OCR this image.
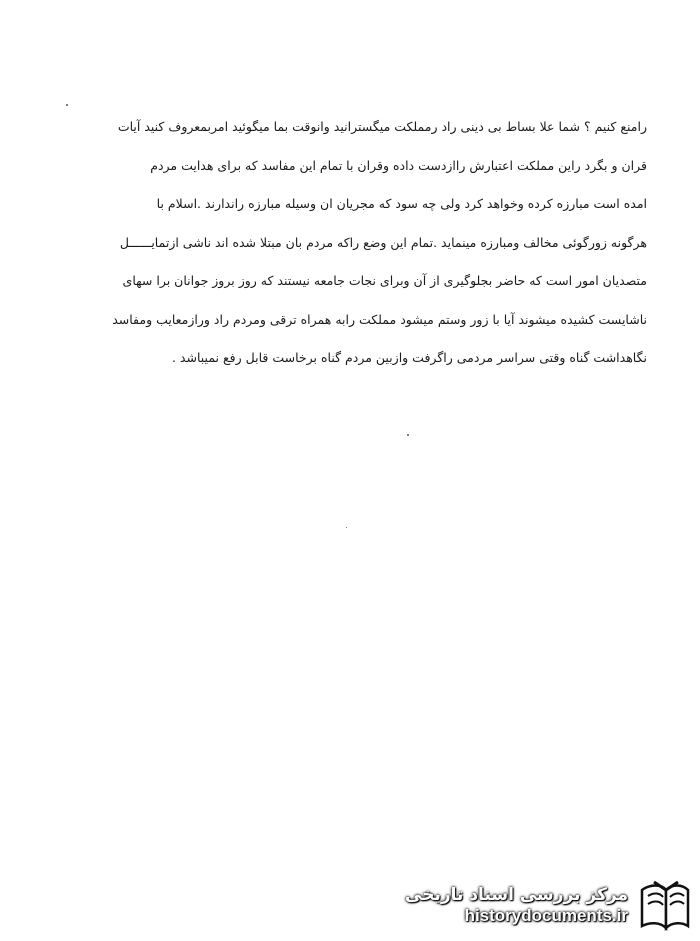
رامنع کنیم ؟ شما علا بساط بی دینی راد رمملکت میگسترانید وانوقت بما میگوئید امربمعروف کنید آیات
قران و بگرد راین مملکت اعتبارش راازدست داده وقران با تمام این مفاسد که برای هدایت مردم
امده است مبارزه کرده وخواهد کرد ولی چه سود که مجریان ان وسیله مبارزه راندارند .اسلام با
هرگونه زورگوئی مخالف ومبارزه مینماید .تمام این وضع راکه مردم بان مبتلا شده اند ناشی ازتمایــــــل
متصدیان امور است که حاضر بجلوگیری از آن وبرای نجات جامعه نیستند که روز بروز جوانان برا سهای
ناشایست کشیده میشوند آیا با زور وستم میشود مملکت رابه همراه ترقی ومردم راد ورازمعایب ومفاسد
نگاهداشت گناه وقتی سراسر مردمی راگرفت وازبین مردم گناه برخاست قابل رفع نمیباشد .
مرکز بررسی اسناد تاریخی
historydocuments.ir
